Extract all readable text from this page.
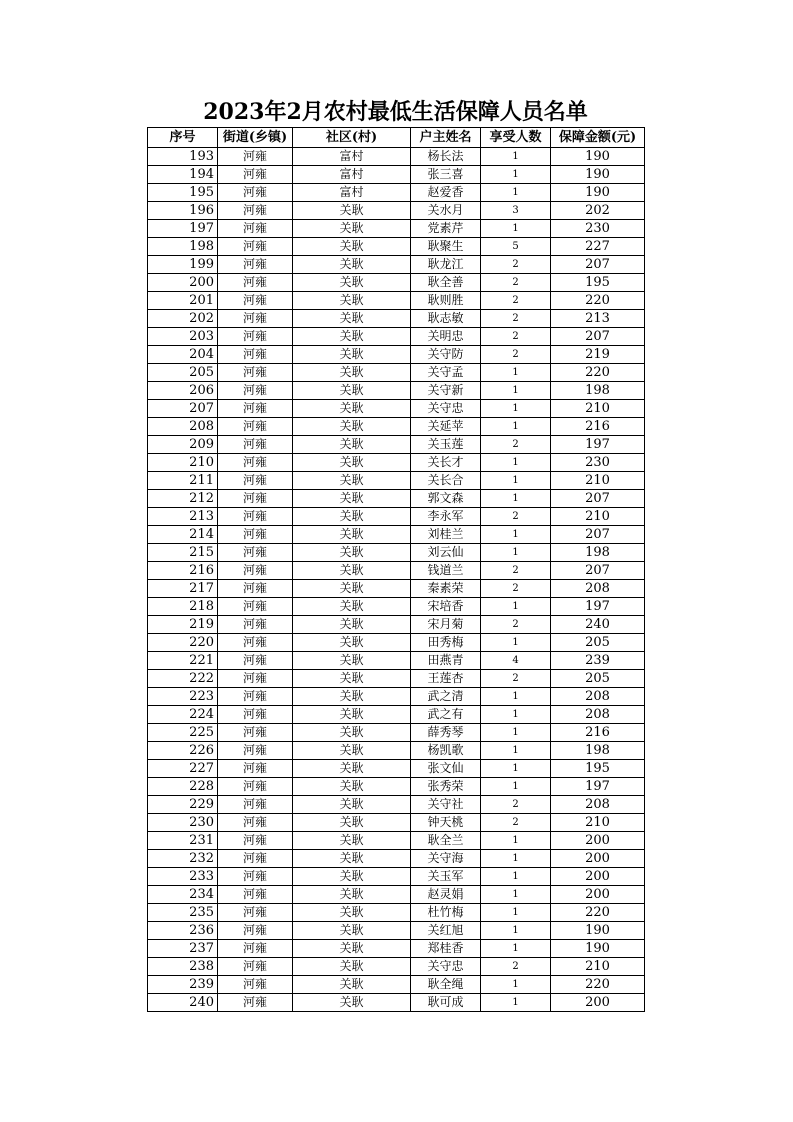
2023年2月农村最低生活保障人员名单
序号	街道(乡镇)	社区(村)	户主姓名	享受人数	保障金额(元)
193	河雍	富村	杨长法	1	190
194	河雍	富村	张三喜	1	190
195	河雍	富村	赵爱香	1	190
196	河雍	关耿	关水月	3	202
197	河雍	关耿	党素芹	1	230
198	河雍	关耿	耿聚生	5	227
199	河雍	关耿	耿龙江	2	207
200	河雍	关耿	耿全善	2	195
201	河雍	关耿	耿则胜	2	220
202	河雍	关耿	耿志敏	2	213
203	河雍	关耿	关明忠	2	207
204	河雍	关耿	关守防	2	219
205	河雍	关耿	关守孟	1	220
206	河雍	关耿	关守新	1	198
207	河雍	关耿	关守忠	1	210
208	河雍	关耿	关延苹	1	216
209	河雍	关耿	关玉莲	2	197
210	河雍	关耿	关长才	1	230
211	河雍	关耿	关长合	1	210
212	河雍	关耿	郭文森	1	207
213	河雍	关耿	李永军	2	210
214	河雍	关耿	刘桂兰	1	207
215	河雍	关耿	刘云仙	1	198
216	河雍	关耿	钱道兰	2	207
217	河雍	关耿	秦素荣	2	208
218	河雍	关耿	宋培香	1	197
219	河雍	关耿	宋月菊	2	240
220	河雍	关耿	田秀梅	1	205
221	河雍	关耿	田燕青	4	239
222	河雍	关耿	王莲杏	2	205
223	河雍	关耿	武之清	1	208
224	河雍	关耿	武之有	1	208
225	河雍	关耿	薛秀琴	1	216
226	河雍	关耿	杨凯歌	1	198
227	河雍	关耿	张文仙	1	195
228	河雍	关耿	张秀荣	1	197
229	河雍	关耿	关守社	2	208
230	河雍	关耿	钟天桃	2	210
231	河雍	关耿	耿全兰	1	200
232	河雍	关耿	关守海	1	200
233	河雍	关耿	关玉军	1	200
234	河雍	关耿	赵灵娟	1	200
235	河雍	关耿	杜竹梅	1	220
236	河雍	关耿	关红旭	1	190
237	河雍	关耿	郑桂香	1	190
238	河雍	关耿	关守忠	2	210
239	河雍	关耿	耿全绳	1	220
240	河雍	关耿	耿可成	1	200
